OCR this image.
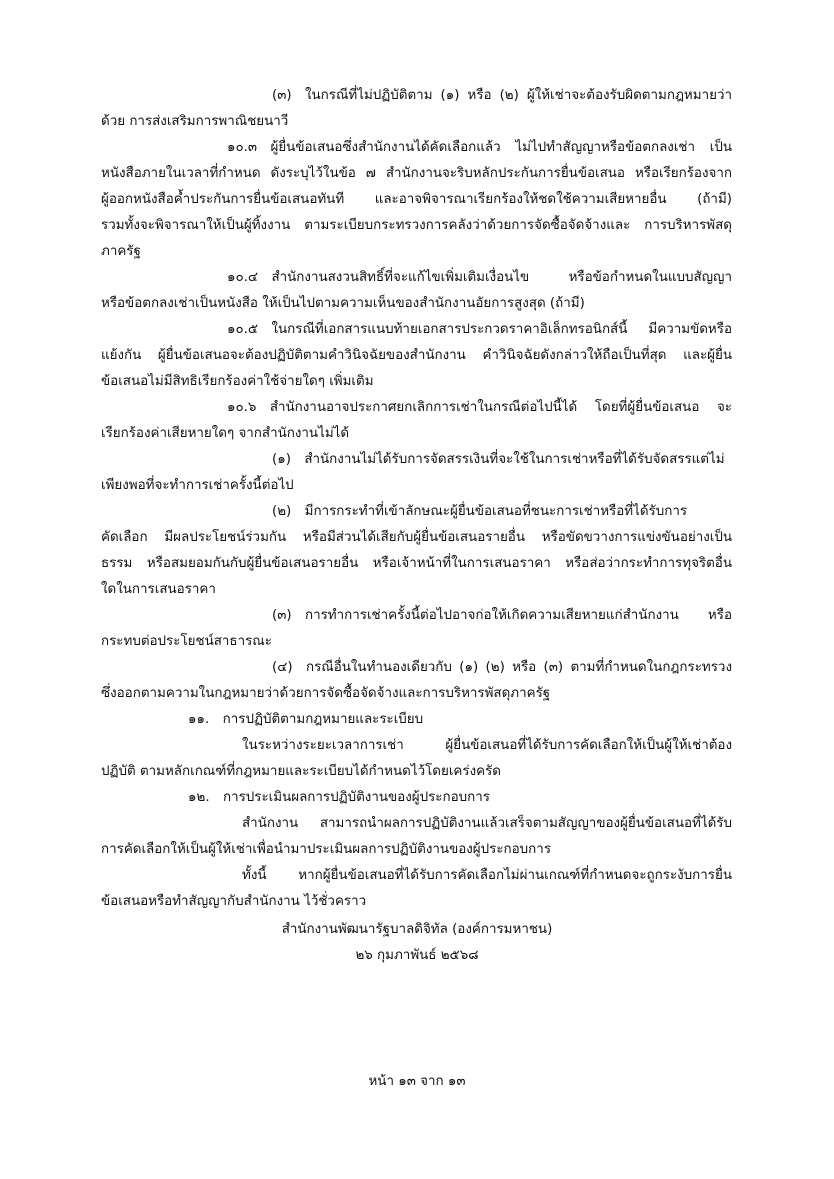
(๓) ในกรณีที่ไม่ปฏิบัติตาม (๑) หรือ (๒) ผู้ให้เช่าจะต้องรับผิดตามกฎหมายว่า
ด้วย การส่งเสริมการพาณิชยนาวี
๑๐.๓ ผู้ยื่นข้อเสนอซึ่งสำนักงานได้คัดเลือกแล้ว ไม่ไปทำสัญญาหรือข้อตกลงเช่า เป็น
หนังสือภายในเวลาที่กำหนด ดังระบุไว้ในข้อ ๗ สำนักงานจะริบหลักประกันการยื่นข้อเสนอ หรือเรียกร้องจาก
ผู้ออกหนังสือค้ำประกันการยื่นข้อเสนอทันที และอาจพิจารณาเรียกร้องให้ชดใช้ความเสียหายอื่น (ถ้ามี)
รวมทั้งจะพิจารณาให้เป็นผู้ทิ้งงาน ตามระเบียบกระทรวงการคลังว่าด้วยการจัดซื้อจัดจ้างและ การบริหารพัสดุ
ภาครัฐ
๑๐.๔ สำนักงานสงวนสิทธิ์ที่จะแก้ไขเพิ่มเติมเงื่อนไข หรือข้อกำหนดในแบบสัญญา
หรือข้อตกลงเช่าเป็นหนังสือ ให้เป็นไปตามความเห็นของสำนักงานอัยการสูงสุด (ถ้ามี)
๑๐.๕ ในกรณีที่เอกสารแนบท้ายเอกสารประกวดราคาอิเล็กทรอนิกส์นี้ มีความขัดหรือ
แย้งกัน ผู้ยื่นข้อเสนอจะต้องปฏิบัติตามคำวินิจฉัยของสำนักงาน คำวินิจฉัยดังกล่าวให้ถือเป็นที่สุด และผู้ยื่น
ข้อเสนอไม่มีสิทธิเรียกร้องค่าใช้จ่ายใดๆ เพิ่มเติม
๑๐.๖ สำนักงานอาจประกาศยกเลิกการเช่าในกรณีต่อไปนี้ได้ โดยที่ผู้ยื่นข้อเสนอ จะ
เรียกร้องค่าเสียหายใดๆ จากสำนักงานไม่ได้
(๑) สำนักงานไม่ได้รับการจัดสรรเงินที่จะใช้ในการเช่าหรือที่ได้รับจัดสรรแต่ไม่
เพียงพอที่จะทำการเช่าครั้งนี้ต่อไป
(๒) มีการกระทำที่เข้าลักษณะผู้ยื่นข้อเสนอที่ชนะการเช่าหรือที่ได้รับการ
คัดเลือก มีผลประโยชน์ร่วมกัน หรือมีส่วนได้เสียกับผู้ยื่นข้อเสนอรายอื่น หรือขัดขวางการแข่งขันอย่างเป็น
ธรรม หรือสมยอมกันกับผู้ยื่นข้อเสนอรายอื่น หรือเจ้าหน้าที่ในการเสนอราคา หรือส่อว่ากระทำการทุจริตอื่น
ใดในการเสนอราคา
(๓) การทำการเช่าครั้งนี้ต่อไปอาจก่อให้เกิดความเสียหายแก่สำนักงาน หรือ
กระทบต่อประโยชน์สาธารณะ
(๔) กรณีอื่นในทำนองเดียวกับ (๑) (๒) หรือ (๓) ตามที่กำหนดในกฎกระทรวง
ซึ่งออกตามความในกฎหมายว่าด้วยการจัดซื้อจัดจ้างและการบริหารพัสดุภาครัฐ
๑๑. การปฏิบัติตามกฎหมายและระเบียบ
ในระหว่างระยะเวลาการเช่า ผู้ยื่นข้อเสนอที่ได้รับการคัดเลือกให้เป็นผู้ให้เช่าต้อง
ปฏิบัติ ตามหลักเกณฑ์ที่กฎหมายและระเบียบได้กำหนดไว้โดยเคร่งครัด
๑๒. การประเมินผลการปฏิบัติงานของผู้ประกอบการ
สำนักงาน สามารถนำผลการปฏิบัติงานแล้วเสร็จตามสัญญาของผู้ยื่นข้อเสนอที่ได้รับ
การคัดเลือกให้เป็นผู้ให้เช่าเพื่อนำมาประเมินผลการปฏิบัติงานของผู้ประกอบการ
ทั้งนี้ หากผู้ยื่นข้อเสนอที่ได้รับการคัดเลือกไม่ผ่านเกณฑ์ที่กำหนดจะถูกระงับการยื่น
ข้อเสนอหรือทำสัญญากับสำนักงาน ไว้ชั่วคราว
สำนักงานพัฒนารัฐบาลดิจิทัล (องค์การมหาชน)
๒๖ กุมภาพันธ์ ๒๕๖๘
หน้า ๑๓ จาก ๑๓
